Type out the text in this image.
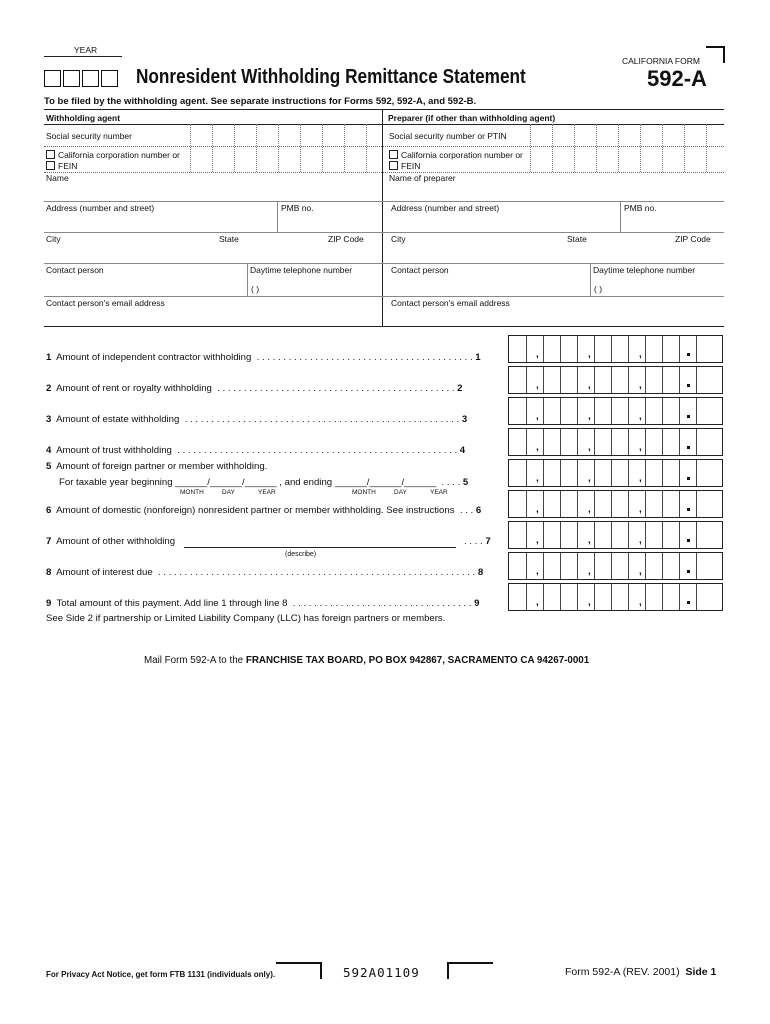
YEAR
CALIFORNIA FORM
Nonresident Withholding Remittance Statement	592-A
To be filed by the withholding agent. See separate instructions for Forms 592, 592-A, and 592-B.
Withholding agent	Preparer (if other than withholding agent)
Social security number	Social security number or PTIN
California corporation number or
FEIN
California corporation number or
FEIN
Name	Name of preparer
Address (number and street)	PMB no.	Address (number and street)	PMB no.
City	State	ZIP Code	City	State	ZIP Code
Contact person	Daytime telephone number
( )
Contact person	Daytime telephone number
( )
Contact person's email address	Contact person's email address
1 Amount of independent contractor withholding . . . . . . . . . . . . . . . . . . . . . . . . . . . . . . . . . . . . . . . . . 1
2 Amount of rent or royalty withholding . . . . . . . . . . . . . . . . . . . . . . . . . . . . . . . . . . . . . . . . . . . . . 2
3 Amount of estate withholding . . . . . . . . . . . . . . . . . . . . . . . . . . . . . . . . . . . . . . . . . . . . . . . . . . . . 3
4 Amount of trust withholding . . . . . . . . . . . . . . . . . . . . . . . . . . . . . . . . . . . . . . . . . . . . . . . . . . . . . 4
5 Amount of foreign partner or member withholding.
For taxable year beginning ______/______/______ , and ending ______/______/______ . . . . 5
MONTH	DAY	YEAR	MONTH	DAY	YEAR
6 Amount of domestic (nonforeign) nonresident partner or member withholding. See instructions . . . 6
7 Amount of other withholding	. . . . 7
(describe)
8 Amount of interest due . . . . . . . . . . . . . . . . . . . . . . . . . . . . . . . . . . . . . . . . . . . . . . . . . . . . . . . . . . . . 8
9 Total amount of this payment. Add line 1 through line 8 . . . . . . . . . . . . . . . . . . . . . . . . . . . . . . . . . . 9
See Side 2 if partnership or Limited Liability Company (LLC) has foreign partners or members.
,	,	,
,	,	,
,	,	,
,	,	,
,	,	,
,	,	,
,	,	,
,	,	,
,	,	,
Mail Form 592-A to the FRANCHISE TAX BOARD, PO BOX 942867, SACRAMENTO CA 94267-0001
For Privacy Act Notice, get form FTB 1131 (individuals only).	592A01109	Form 592-A (REV. 2001) Side 1
